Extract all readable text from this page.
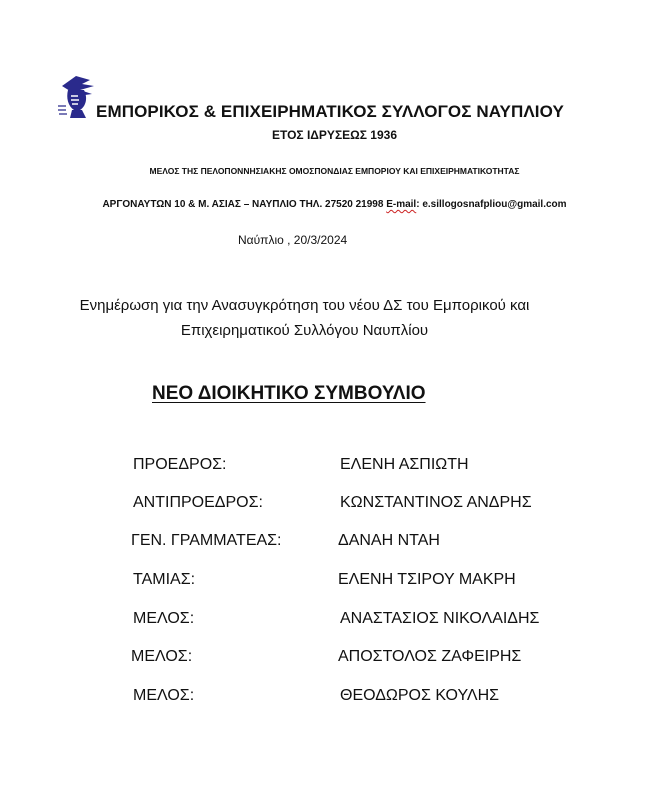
ΕΜΠΟΡΙΚΟΣ & ΕΠΙΧΕΙΡΗΜΑΤΙΚΟΣ ΣΥΛΛΟΓΟΣ ΝΑΥΠΛΙΟΥ
ΕΤΟΣ ΙΔΡΥΣΕΩΣ 1936
ΜΕΛΟΣ ΤΗΣ ΠΕΛΟΠΟΝΝΗΣΙΑΚΗΣ ΟΜΟΣΠΟΝΔΙΑΣ ΕΜΠΟΡΙΟΥ ΚΑΙ ΕΠΙΧΕΙΡΗΜΑΤΙΚΟΤΗΤΑΣ
ΑΡΓΟΝΑΥΤΩΝ 10 & Μ. ΑΣΙΑΣ – ΝΑΥΠΛΙΟ ΤΗΛ. 27520 21998 E-mail: e.sillogosnafpliou@gmail.com
Ναύπλιο , 20/3/2024
Ενημέρωση για την Ανασυγκρότηση του νέου ΔΣ του Εμπορικού και
Επιχειρηματικού Συλλόγου Ναυπλίου
ΝΕΟ ΔΙΟΙΚΗΤΙΚΟ ΣΥΜΒΟΥΛΙΟ
ΠΡΟΕΔΡΟΣ:	ΕΛΕΝΗ ΑΣΠΙΩΤΗ
ΑΝΤΙΠΡΟΕΔΡΟΣ:	ΚΩΝΣΤΑΝΤΙΝΟΣ ΑΝΔΡΗΣ
ΓΕΝ. ΓΡΑΜΜΑΤΕΑΣ:	ΔΑΝΑΗ ΝΤΑΗ
ΤΑΜΙΑΣ:	ΕΛΕΝΗ ΤΣΙΡΟΥ ΜΑΚΡΗ
ΜΕΛΟΣ:	ΑΝΑΣΤΑΣΙΟΣ ΝΙΚΟΛΑΙΔΗΣ
ΜΕΛΟΣ:	ΑΠΟΣΤΟΛΟΣ ΖΑΦΕΙΡΗΣ
ΜΕΛΟΣ:	ΘΕΟΔΩΡΟΣ ΚΟΥΛΗΣ
